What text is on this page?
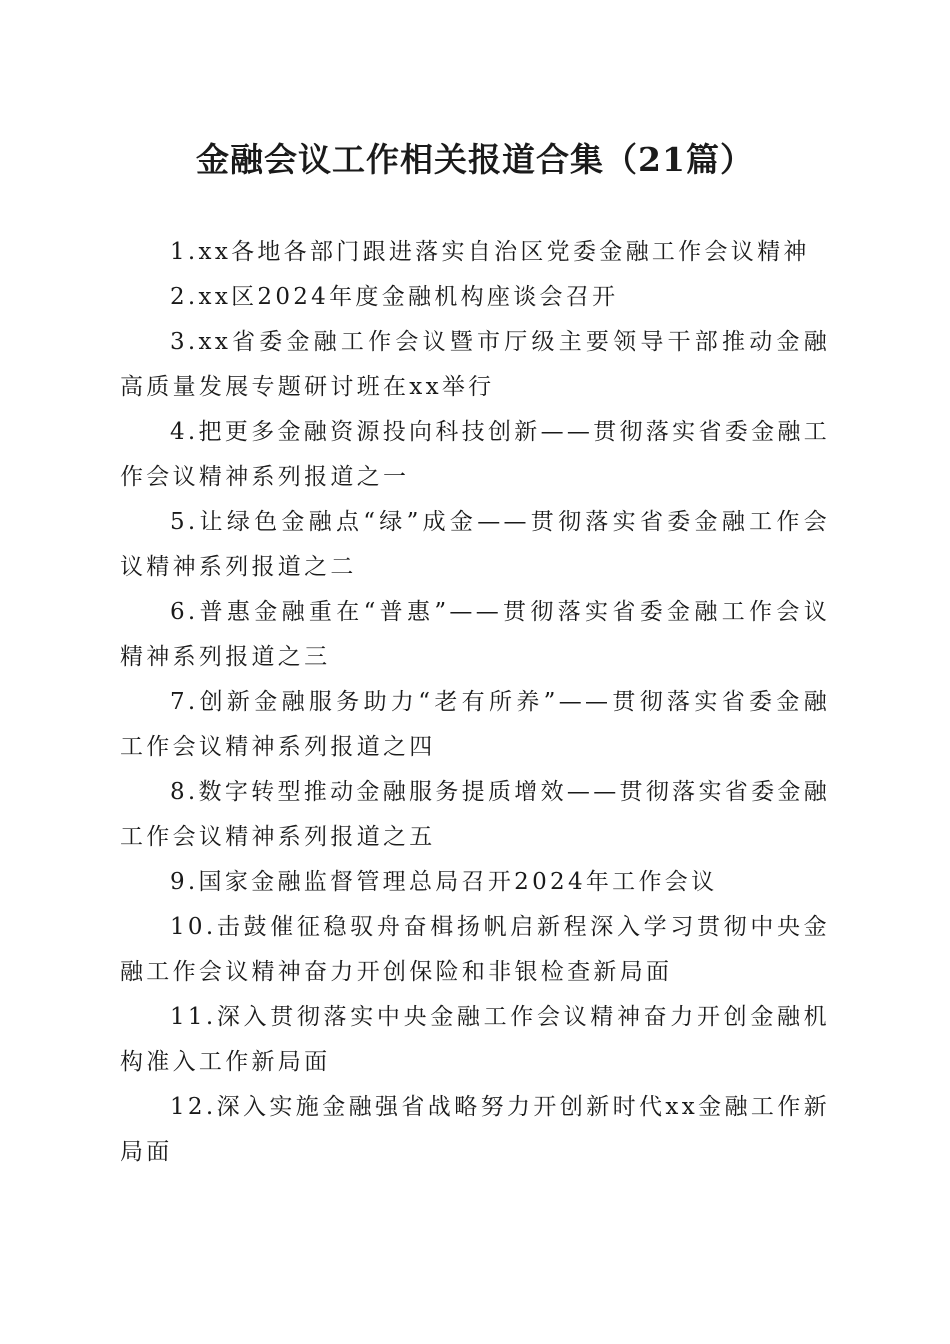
金融会议工作相关报道合集（21篇）
1.xx各地各部门跟进落实自治区党委金融工作会议精神
2.xx区2024年度金融机构座谈会召开
3.xx省委金融工作会议暨市厅级主要领导干部推动金融高质量发展专题研讨班在xx举行
4.把更多金融资源投向科技创新——贯彻落实省委金融工作会议精神系列报道之一
5.让绿色金融点“绿”成金——贯彻落实省委金融工作会议精神系列报道之二
6.普惠金融重在“普惠”——贯彻落实省委金融工作会议精神系列报道之三
7.创新金融服务助力“老有所养”——贯彻落实省委金融工作会议精神系列报道之四
8.数字转型推动金融服务提质增效——贯彻落实省委金融工作会议精神系列报道之五
9.国家金融监督管理总局召开2024年工作会议
10.击鼓催征稳驭舟奋楫扬帆启新程深入学习贯彻中央金融工作会议精神奋力开创保险和非银检查新局面
11.深入贯彻落实中央金融工作会议精神奋力开创金融机构准入工作新局面
12.深入实施金融强省战略努力开创新时代xx金融工作新局面
